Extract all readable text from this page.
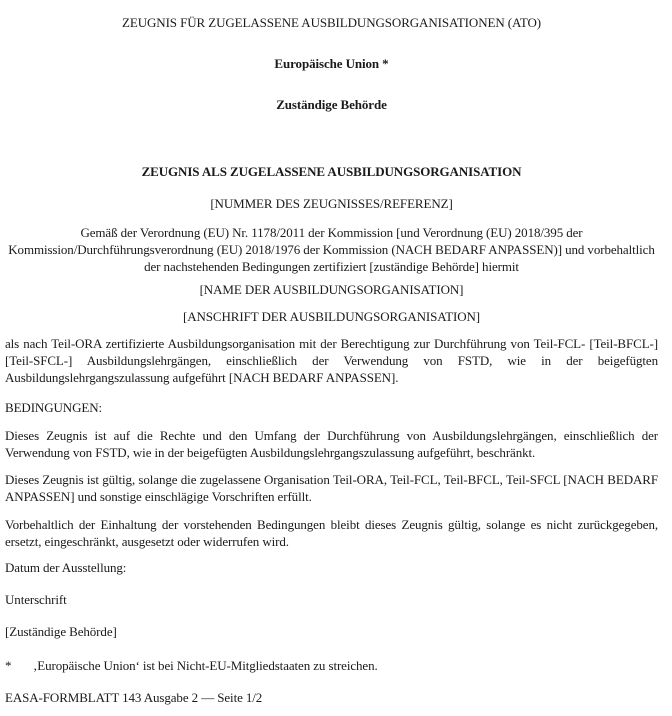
ZEUGNIS FÜR ZUGELASSENE AUSBILDUNGSORGANISATIONEN (ATO)

Europäische Union *

Zuständige Behörde

ZEUGNIS ALS ZUGELASSENE AUSBILDUNGSORGANISATION

[NUMMER DES ZEUGNISSES/REFERENZ]

Gemäß der Verordnung (EU) Nr. 1178/2011 der Kommission [und Verordnung (EU) 2018/395 der Kommission/Durchführungsverordnung (EU) 2018/1976 der Kommission (NACH BEDARF ANPASSEN)] und vorbehaltlich der nachstehenden Bedingungen zertifiziert [zuständige Behörde] hiermit

[NAME DER AUSBILDUNGSORGANISATION]

[ANSCHRIFT DER AUSBILDUNGSORGANISATION]

als nach Teil-ORA zertifizierte Ausbildungsorganisation mit der Berechtigung zur Durchführung von Teil-FCL- [Teil-BFCL-] [Teil-SFCL-] Ausbildungslehrgängen, einschließlich der Verwendung von FSTD, wie in der beigefügten Ausbildungslehrgangszulassung aufgeführt [NACH BEDARF ANPASSEN].

BEDINGUNGEN:

Dieses Zeugnis ist auf die Rechte und den Umfang der Durchführung von Ausbildungslehrgängen, einschließlich der Verwendung von FSTD, wie in der beigefügten Ausbildungslehrgangszulassung aufgeführt, beschränkt.

Dieses Zeugnis ist gültig, solange die zugelassene Organisation Teil-ORA, Teil-FCL, Teil-BFCL, Teil-SFCL [NACH BEDARF ANPASSEN] und sonstige einschlägige Vorschriften erfüllt.

Vorbehaltlich der Einhaltung der vorstehenden Bedingungen bleibt dieses Zeugnis gültig, solange es nicht zurückgegeben, ersetzt, eingeschränkt, ausgesetzt oder widerrufen wird.

Datum der Ausstellung:

Unterschrift

[Zuständige Behörde]

*	‚Europäische Union‘ ist bei Nicht-EU-Mitgliedstaaten zu streichen.

EASA-FORMBLATT 143 Ausgabe 2 — Seite 1/2
